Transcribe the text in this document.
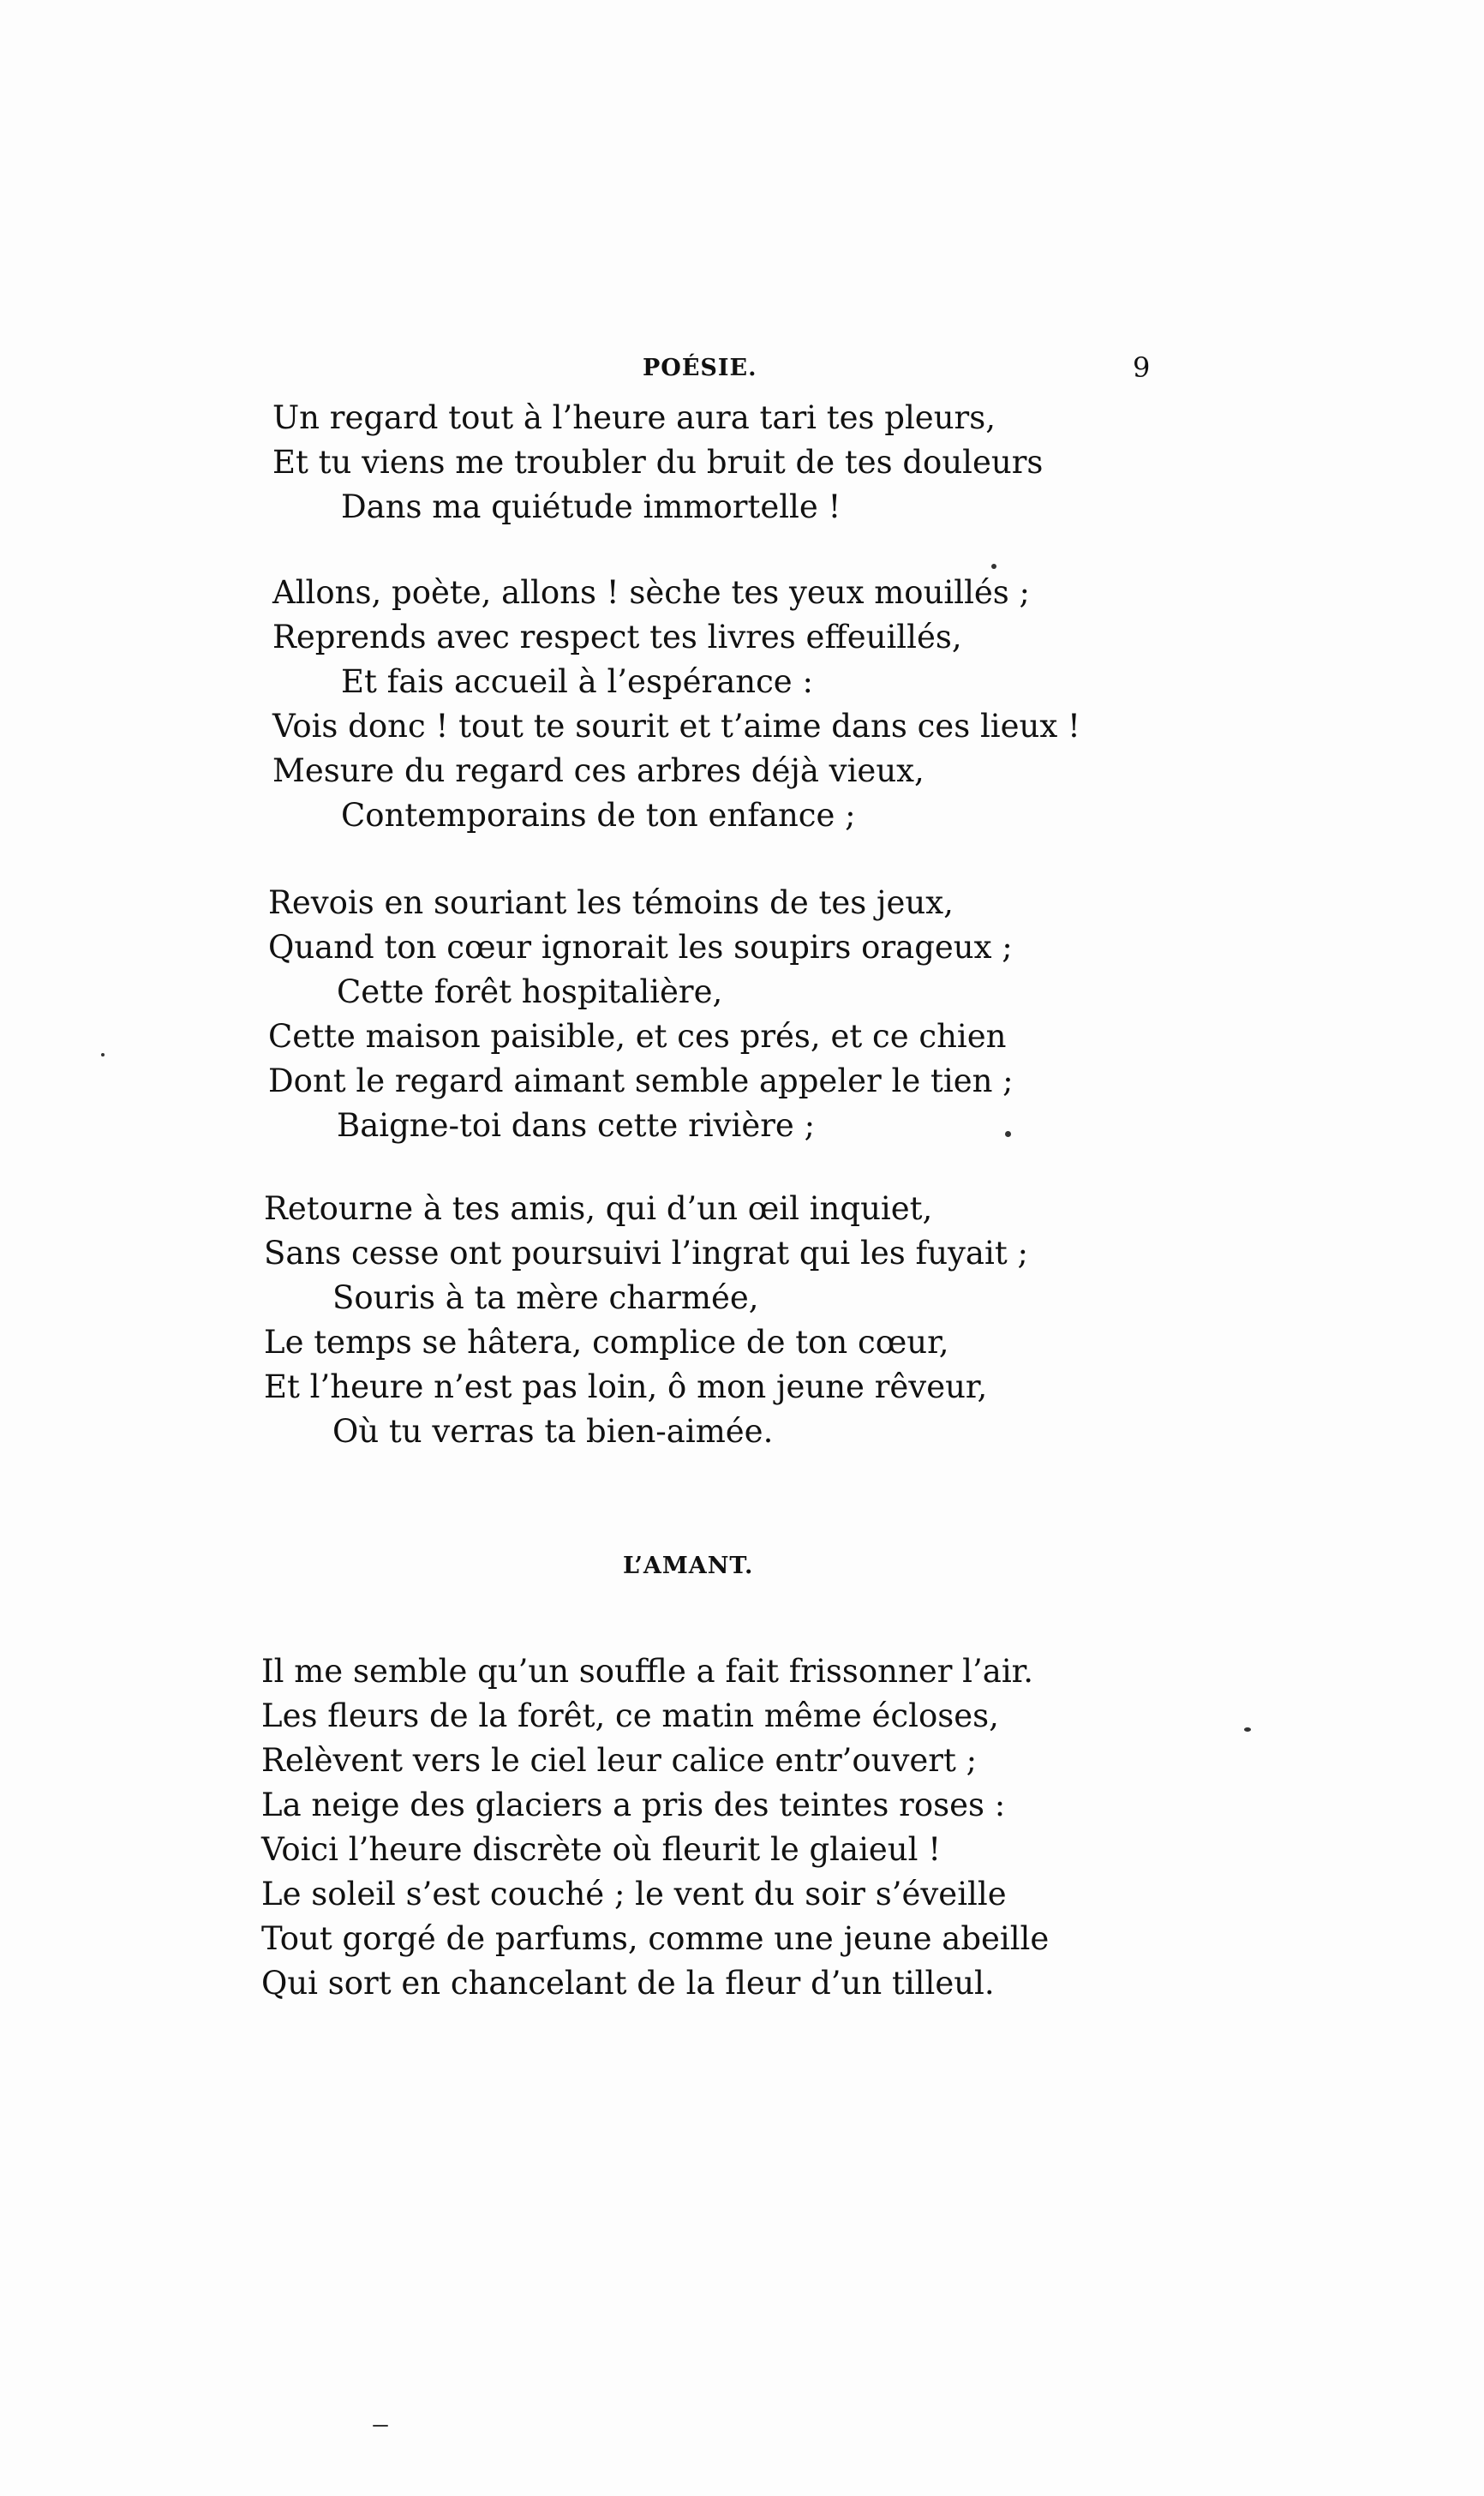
POÉSIE.	9
Un regard tout à l’heure aura tari tes pleurs,
Et tu viens me troubler du bruit de tes douleurs
Dans ma quiétude immortelle !
Allons, poète, allons ! sèche tes yeux mouillés ;
Reprends avec respect tes livres effeuillés,
Et fais accueil à l’espérance :
Vois donc ! tout te sourit et t’aime dans ces lieux !
Mesure du regard ces arbres déjà vieux,
Contemporains de ton enfance ;
Revois en souriant les témoins de tes jeux,
Quand ton cœur ignorait les soupirs orageux ;
Cette forêt hospitalière,
Cette maison paisible, et ces prés, et ce chien
Dont le regard aimant semble appeler le tien ;
Baigne-toi dans cette rivière ;
Retourne à tes amis, qui d’un œil inquiet,
Sans cesse ont poursuivi l’ingrat qui les fuyait ;
Souris à ta mère charmée,
Le temps se hâtera, complice de ton cœur,
Et l’heure n’est pas loin, ô mon jeune rêveur,
Où tu verras ta bien-aimée.
L’AMANT.
Il me semble qu’un souffle a fait frissonner l’air.
Les fleurs de la forêt, ce matin même écloses,
Relèvent vers le ciel leur calice entr’ouvert ;
La neige des glaciers a pris des teintes roses :
Voici l’heure discrète où fleurit le glaieul !
Le soleil s’est couché ; le vent du soir s’éveille
Tout gorgé de parfums, comme une jeune abeille
Qui sort en chancelant de la fleur d’un tilleul.
